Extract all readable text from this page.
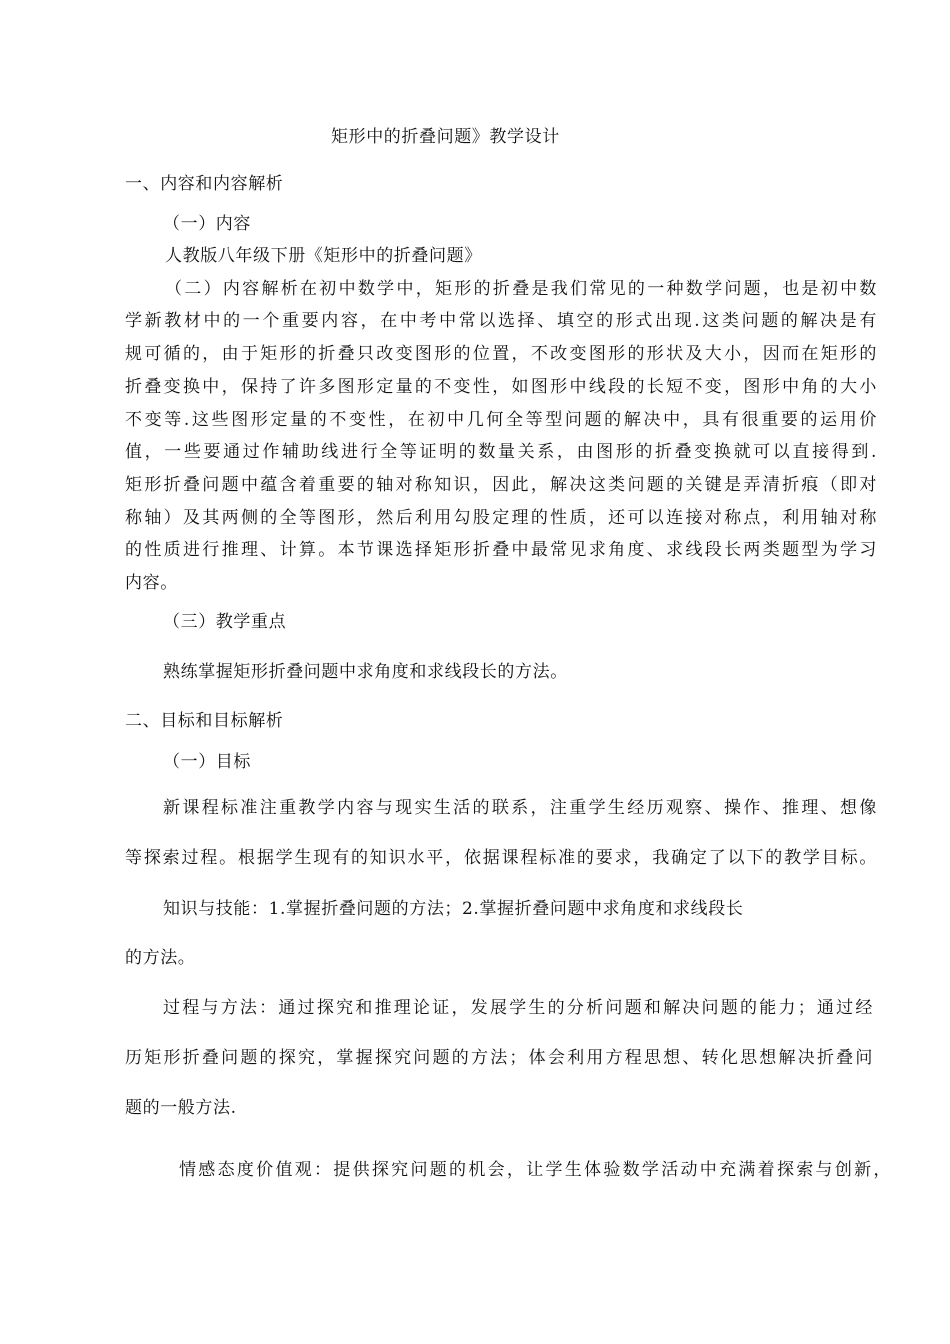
矩形中的折叠问题》教学设计
一、内容和内容解析
（一）内容
人教版八年级下册《矩形中的折叠问题》
（二）内容解析在初中数学中，矩形的折叠是我们常见的一种数学问题，也是初中数
学新教材中的一个重要内容，在中考中常以选择、填空的形式出现.这类问题的解决是有
规可循的，由于矩形的折叠只改变图形的位置，不改变图形的形状及大小，因而在矩形的
折叠变换中，保持了许多图形定量的不变性，如图形中线段的长短不变，图形中角的大小
不变等.这些图形定量的不变性，在初中几何全等型问题的解决中，具有很重要的运用价
值，一些要通过作辅助线进行全等证明的数量关系，由图形的折叠变换就可以直接得到.
矩形折叠问题中蕴含着重要的轴对称知识，因此，解决这类问题的关键是弄清折痕（即对
称轴）及其两侧的全等图形，然后利用勾股定理的性质，还可以连接对称点，利用轴对称
的性质进行推理、计算。本节课选择矩形折叠中最常见求角度、求线段长两类题型为学习
内容。
（三）教学重点
熟练掌握矩形折叠问题中求角度和求线段长的方法。
二、目标和目标解析
（一）目标
新课程标准注重教学内容与现实生活的联系，注重学生经历观察、操作、推理、想像
等探索过程。根据学生现有的知识水平，依据课程标准的要求，我确定了以下的教学目标。
知识与技能：1.掌握折叠问题的方法；2.掌握折叠问题中求角度和求线段长
的方法。
过程与方法：通过探究和推理论证，发展学生的分析问题和解决问题的能力；通过经
历矩形折叠问题的探究，掌握探究问题的方法；体会利用方程思想、转化思想解决折叠问
题的一般方法.
情感态度价值观：提供探究问题的机会，让学生体验数学活动中充满着探索与创新，
